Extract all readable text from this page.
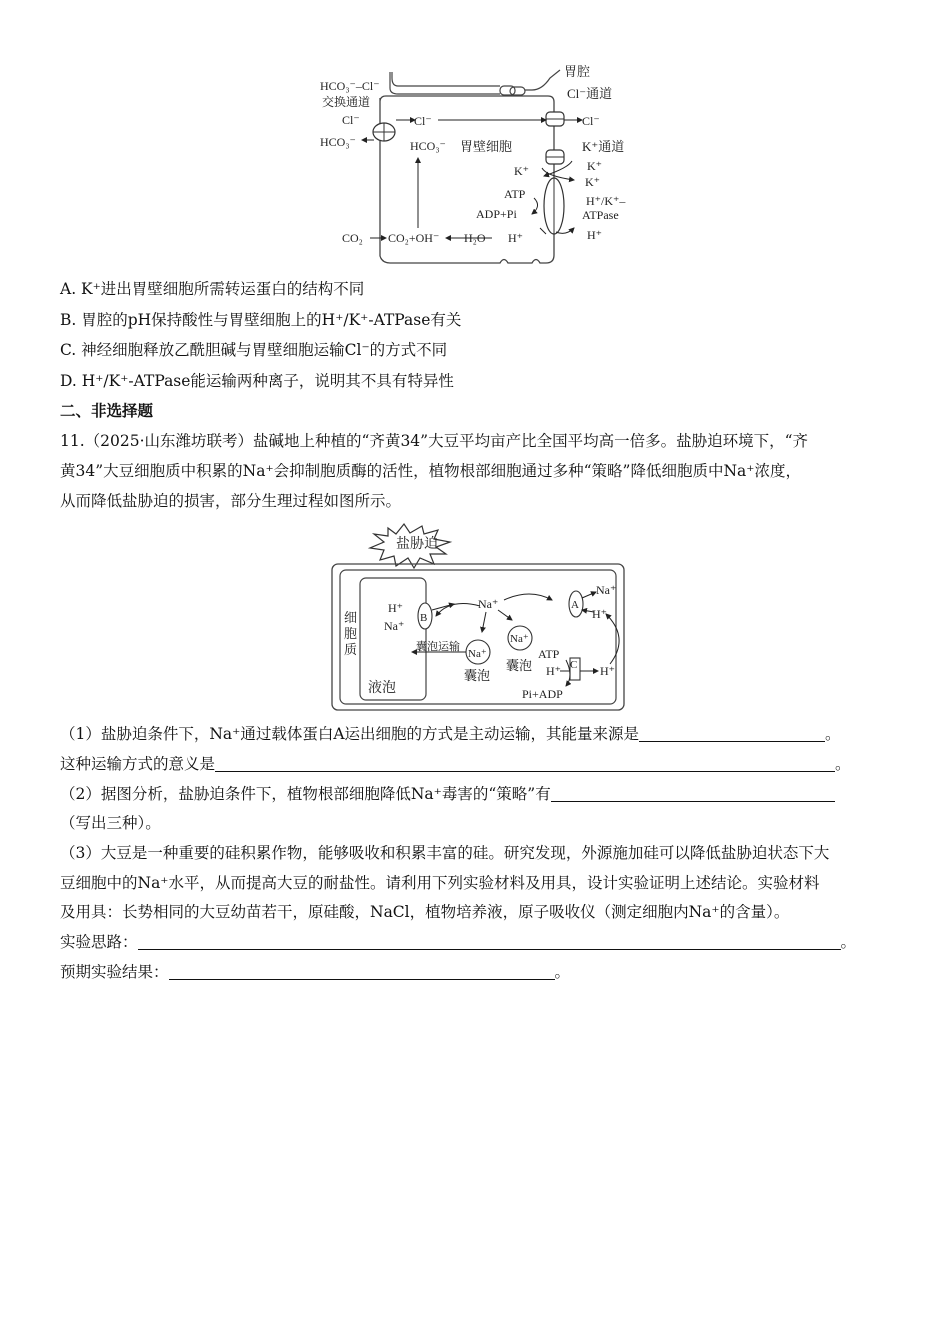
HCO₃⁻–Cl⁻
交换通道
胃腔
Cl⁻通道
Cl⁻
HCO₃⁻
Cl⁻	Cl⁻
HCO₃⁻ 胃壁细胞	K⁺通道
K⁺	K⁺
K⁺
ATP
ADP+Pi
H⁺/K⁺–
ATPase
H⁺
CO₂ CO₂+OH⁻ H₂O H⁺
A. K⁺进出胃壁细胞所需转运蛋白的结构不同
B. 胃腔的pH保持酸性与胃壁细胞上的H⁺/K⁺-ATPase有关
C. 神经细胞释放乙酰胆碱与胃壁细胞运输Cl⁻的方式不同
D. H⁺/K⁺-ATPase能运输两种离子，说明其不具有特异性
二、非选择题
11.（2025·山东潍坊联考）盐碱地上种植的“齐黄34”大豆平均亩产比全国平均高一倍多。盐胁迫环境下，“齐
黄34”大豆细胞质中积累的Na⁺会抑制胞质酶的活性，植物根部细胞通过多种“策略”降低细胞质中Na⁺浓度，
从而降低盐胁迫的损害，部分生理过程如图所示。
盐胁迫
细
胞
质
液泡
B
H⁺
Na⁺
Na⁺
Na⁺
囊泡
Na⁺
囊泡
囊泡运输
A
Na⁺
H⁺
C
ATP
H⁺	H⁺
Pi+ADP
（1）盐胁迫条件下，Na⁺通过载体蛋白A运出细胞的方式是主动运输，其能量来源是	。
这种运输方式的意义是	。
（2）据图分析，盐胁迫条件下，植物根部细胞降低Na⁺毒害的“策略”有
（写出三种）。
（3）大豆是一种重要的硅积累作物，能够吸收和积累丰富的硅。研究发现，外源施加硅可以降低盐胁迫状态下大
豆细胞中的Na⁺水平，从而提高大豆的耐盐性。请利用下列实验材料及用具，设计实验证明上述结论。实验材料
及用具：长势相同的大豆幼苗若干，原硅酸，NaCl，植物培养液，原子吸收仪（测定细胞内Na⁺的含量）。
实验思路：	。
预期实验结果：	。
